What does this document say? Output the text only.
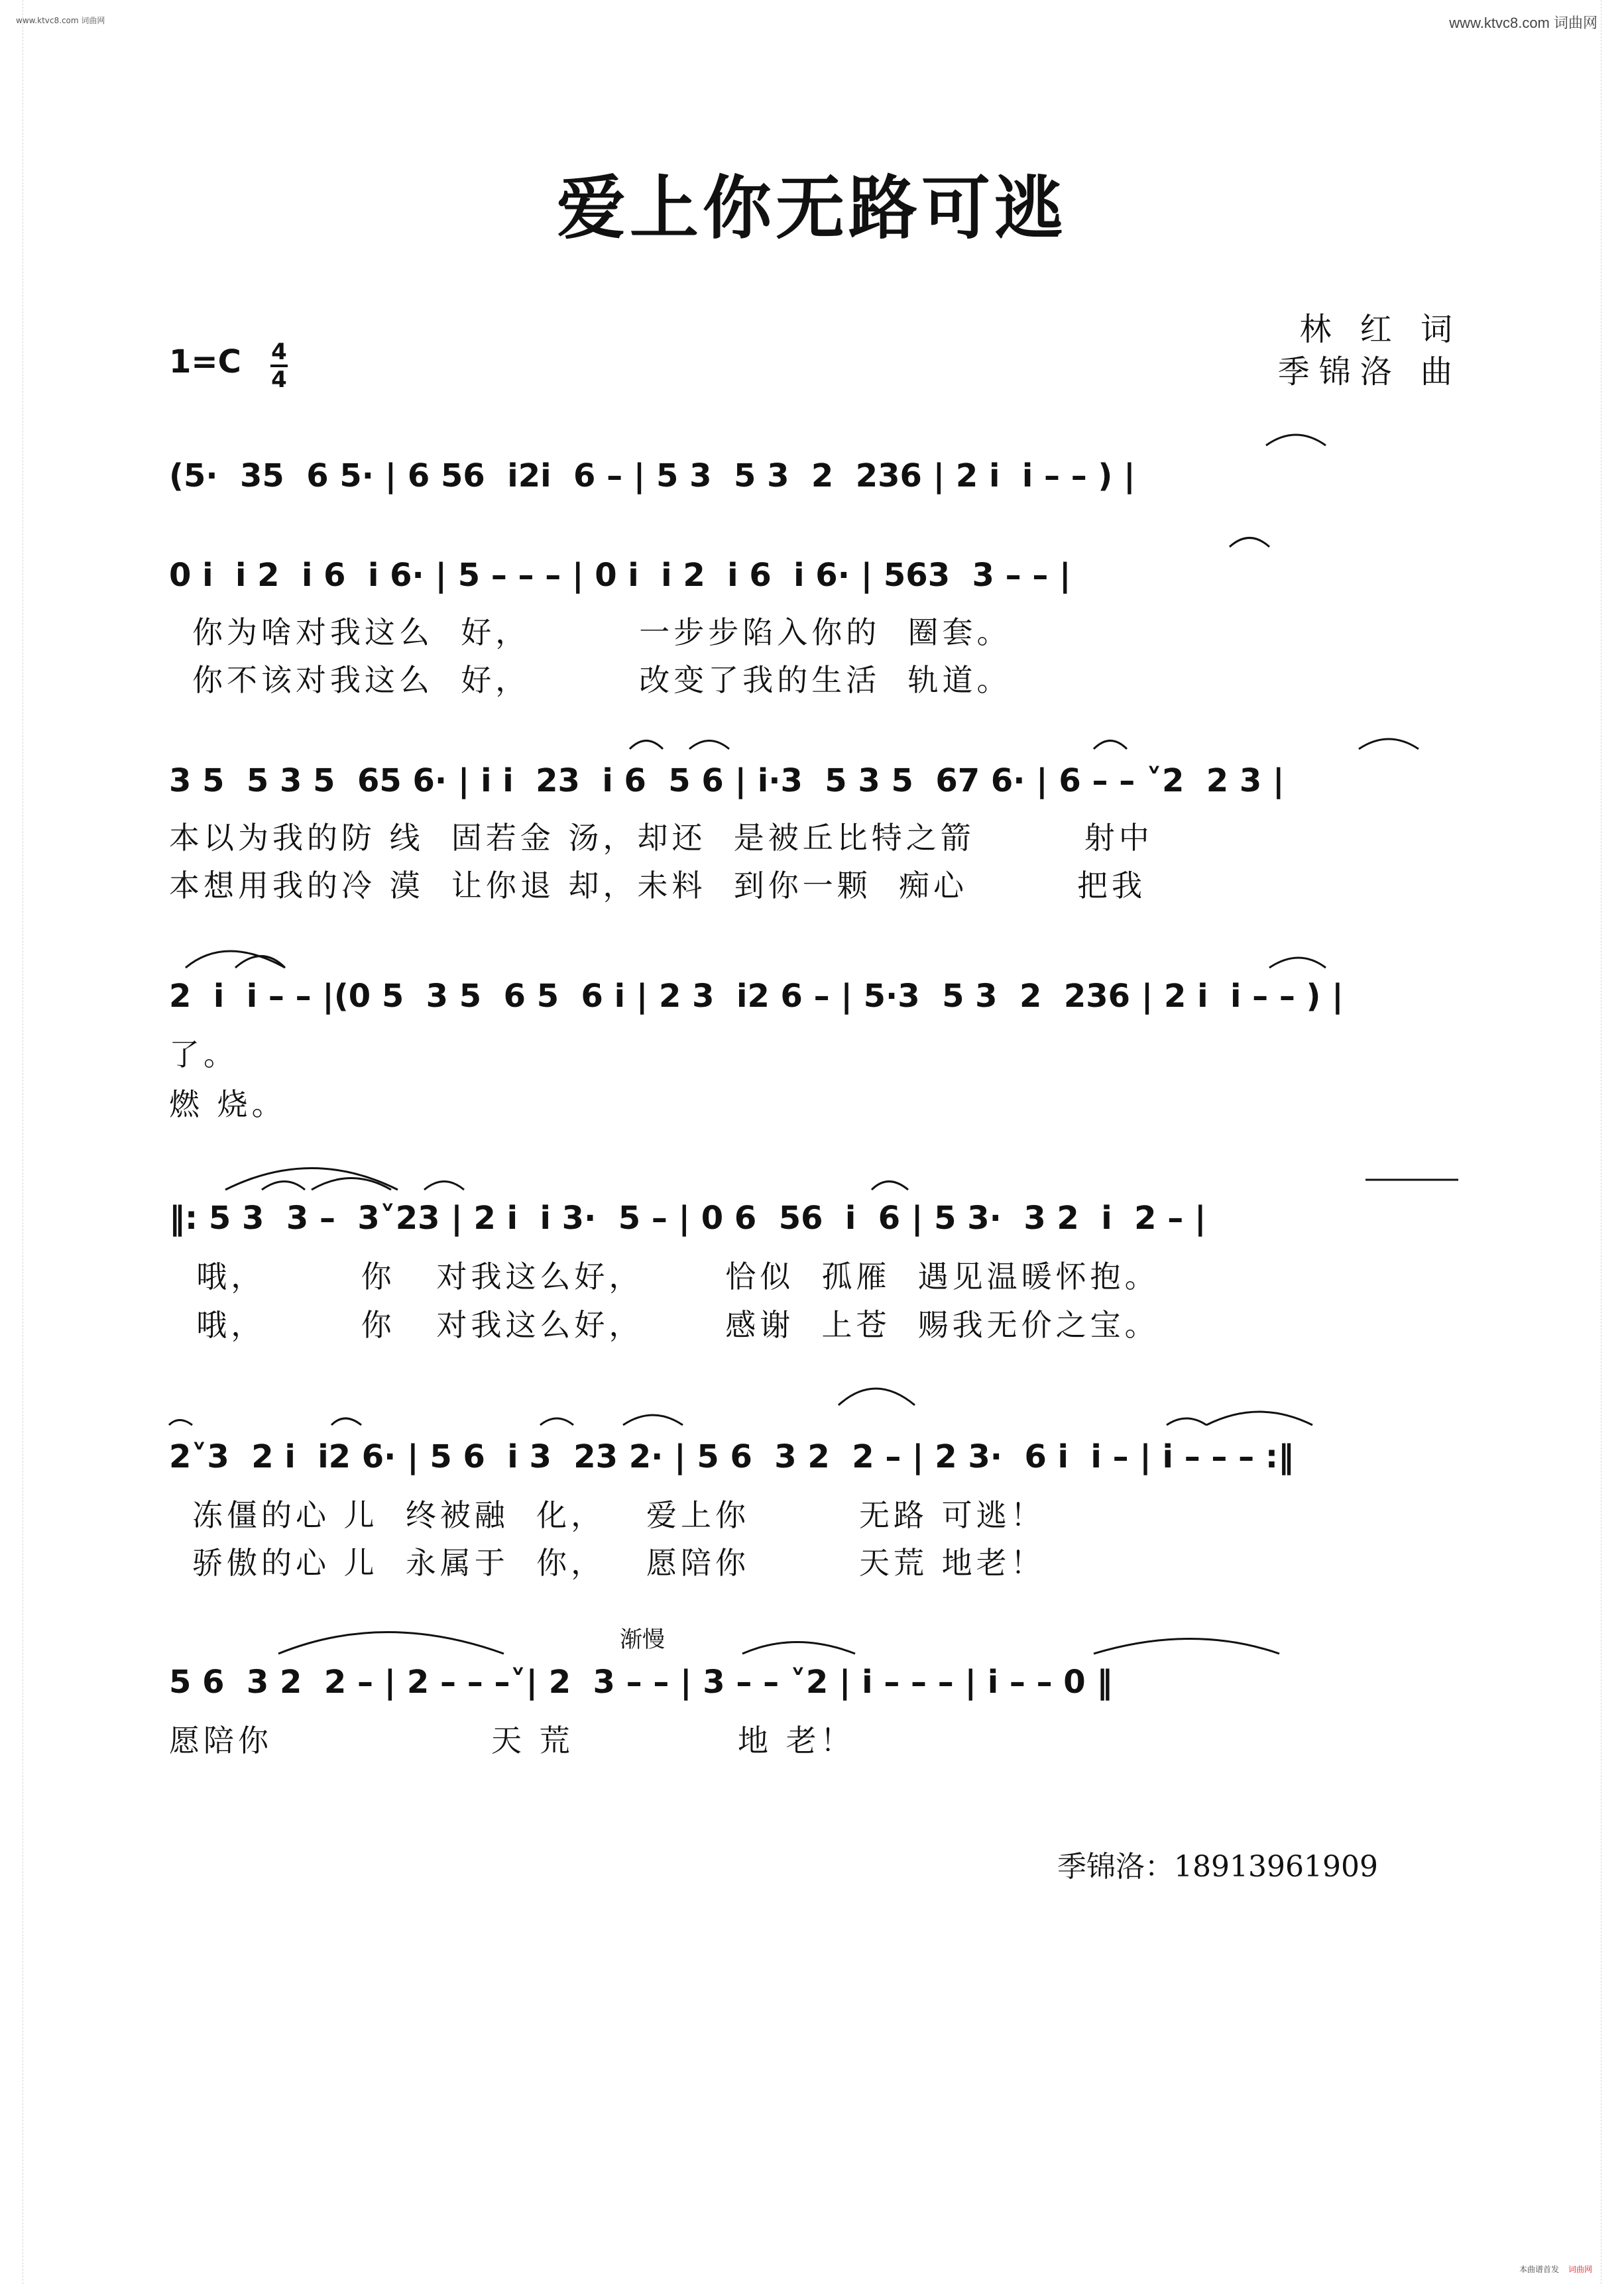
www.ktvc8.com 词曲网	www.ktvc8.com 词曲网
本曲谱首发 词曲网
爱上你无路可逃
林 红 词
季锦洛 曲
1=C 4
4
(5·  35  6 5· | 6 56  i2i  6 – | 5 3  5 3  2  236 | 2 i  i – – ) |
0 i  i 2  i 6  i 6· | 5 – – – | 0 i  i 2  i 6  i 6· | 563  3 – – |
你为啥对我这么  好，        一步步陷入你的  圈套。
你不该对我这么  好，        改变了我的生活  轨道。
3 5  5 3 5  65 6· | i i  23  i 6  5 6 | i·3  5 3 5  67 6· | 6 – – ˅2  2 3 |
本以为我的防 线  固若金 汤，却还  是被丘比特之箭        射中
本想用我的冷 漠  让你退 却，未料  到你一颗  痴心        把我
2  i  i – – |(0 5  3 5  6 5  6 i | 2 3  i2 6 – | 5·3  5 3  2  236 | 2 i  i – – ) |
了。
燃 烧。
‖: 5 3  3 –  3˅23 | 2 i  i 3·  5 – | 0 6  56  i  6 | 5 3·  3 2  i  2 – |
哦，       你   对我这么好，      恰似  孤雁  遇见温暖怀抱。
哦，       你   对我这么好，      感谢  上苍  赐我无价之宝。
2˅3  2 i  i2 6· | 5 6  i 3  23 2· | 5 6  3 2  2 – | 2 3·  6 i  i – | i – – – :‖
冻僵的心 儿  终被融  化，   爱上你        无路 可逃！
骄傲的心 儿  永属于  你，   愿陪你        天荒 地老！
渐慢
5 6  3 2  2 – | 2 – – –˅| 2  3 – – | 3 – – ˅2 | i – – – | i – – 0 ‖
愿陪你                天 荒            地 老！
季锦洛：18913961909
